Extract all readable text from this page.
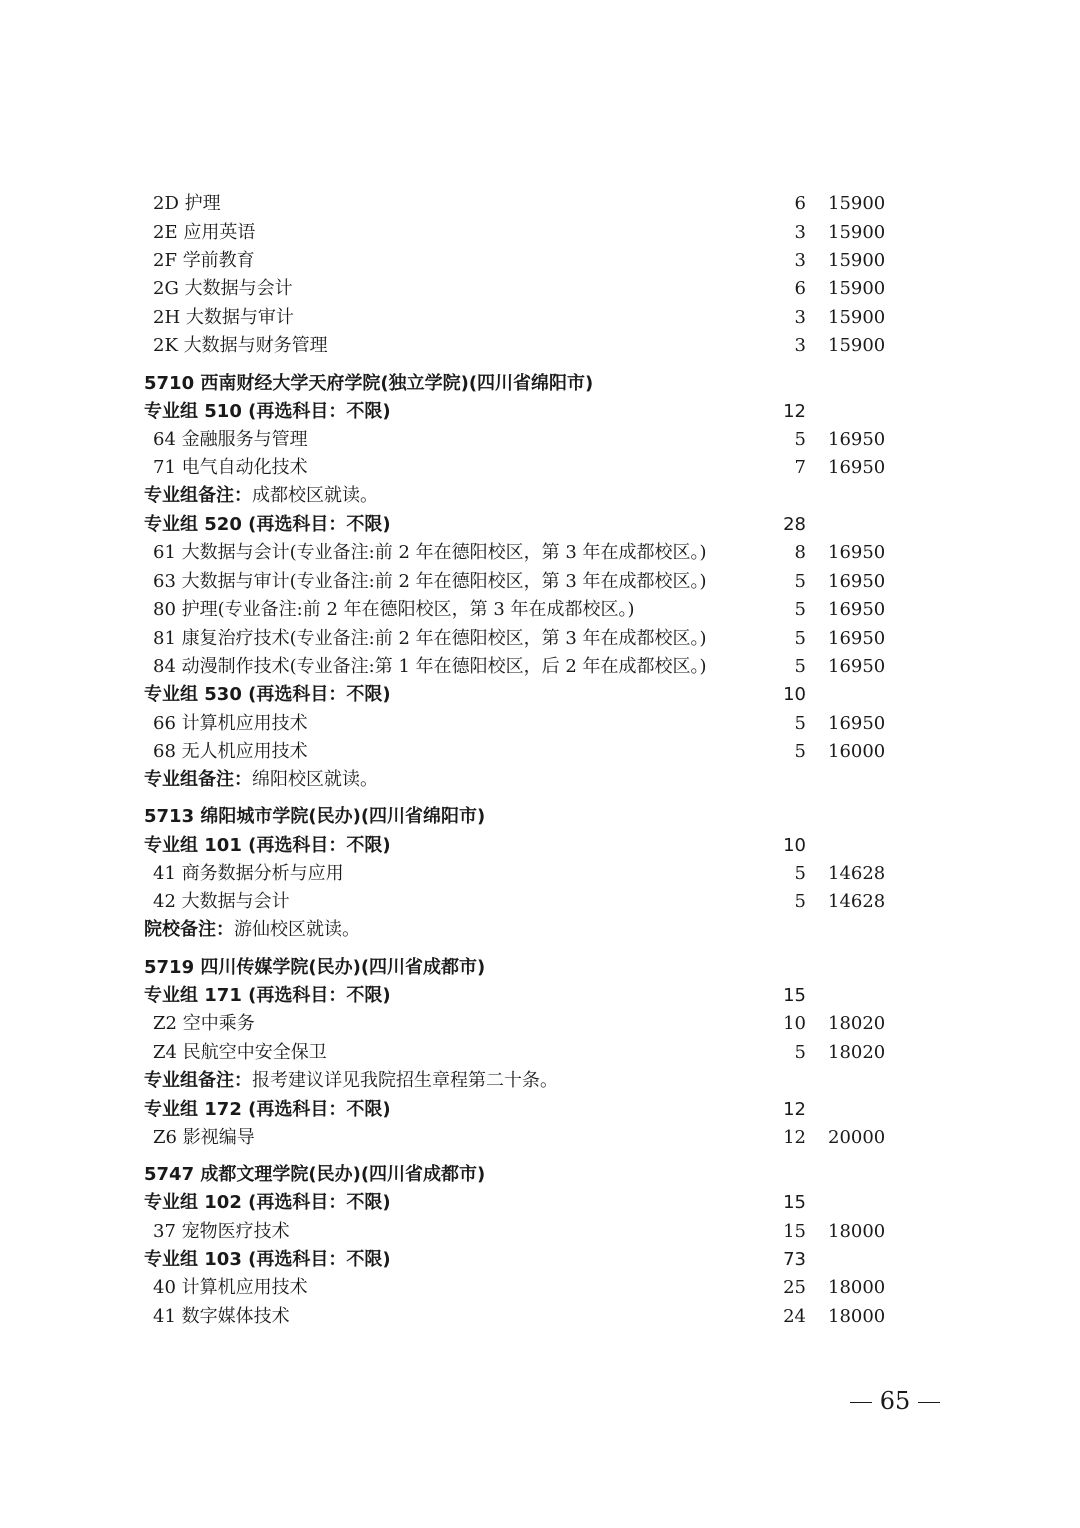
2D 护理	6 15900
2E 应用英语	3 15900
2F 学前教育	3 15900
2G 大数据与会计	6 15900
2H 大数据与审计	3 15900
2K 大数据与财务管理	3 15900
5710 西南财经大学天府学院(独立学院)(四川省绵阳市)
专业组 510 (再选科目：不限)	12
64 金融服务与管理	5 16950
71 电气自动化技术	7 16950
专业组备注：成都校区就读。
专业组 520 (再选科目：不限)	28
61 大数据与会计(专业备注:前 2 年在德阳校区，第 3 年在成都校区。)	8 16950
63 大数据与审计(专业备注:前 2 年在德阳校区，第 3 年在成都校区。)	5 16950
80 护理(专业备注:前 2 年在德阳校区，第 3 年在成都校区。)	5 16950
81 康复治疗技术(专业备注:前 2 年在德阳校区，第 3 年在成都校区。)	5 16950
84 动漫制作技术(专业备注:第 1 年在德阳校区，后 2 年在成都校区。)	5 16950
专业组 530 (再选科目：不限)	10
66 计算机应用技术	5 16950
68 无人机应用技术	5 16000
专业组备注：绵阳校区就读。
5713 绵阳城市学院(民办)(四川省绵阳市)
专业组 101 (再选科目：不限)	10
41 商务数据分析与应用	5 14628
42 大数据与会计	5 14628
院校备注：游仙校区就读。
5719 四川传媒学院(民办)(四川省成都市)
专业组 171 (再选科目：不限)	15
Z2 空中乘务	10 18020
Z4 民航空中安全保卫	5 18020
专业组备注：报考建议详见我院招生章程第二十条。
专业组 172 (再选科目：不限)	12
Z6 影视编导	12 20000
5747 成都文理学院(民办)(四川省成都市)
专业组 102 (再选科目：不限)	15
37 宠物医疗技术	15 18000
专业组 103 (再选科目：不限)	73
40 计算机应用技术	25 18000
41 数字媒体技术	24 18000
65
